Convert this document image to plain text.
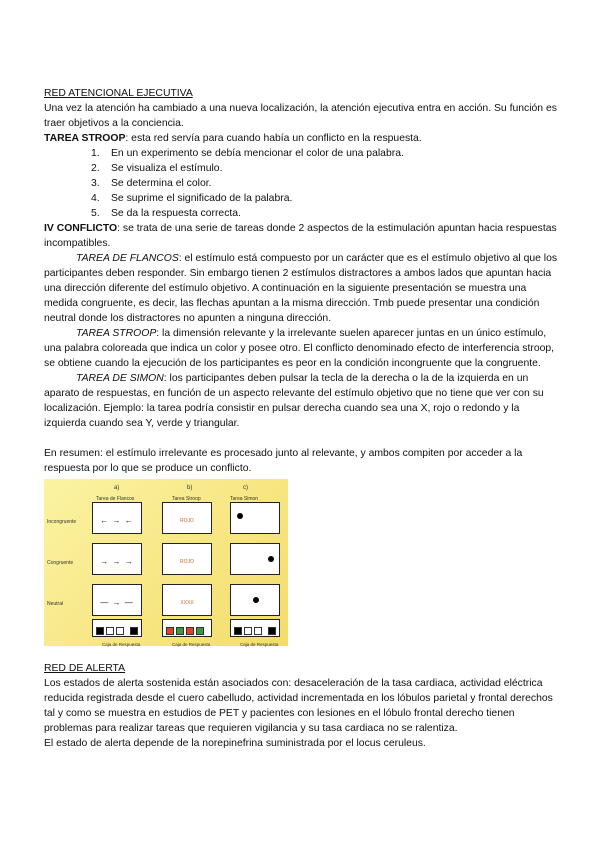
RED ATENCIONAL EJECUTIVA

Una vez la atención ha cambiado a una nueva localización, la atención ejecutiva entra en acción. Su función es traer objetivos a la conciencia.

TAREA STROOP: esta red servía para cuando había un conflicto en la respuesta.

1.	En un experimento se debía mencionar el color de una palabra.
2.	Se visualiza el estímulo.
3.	Se determina el color.
4.	Se suprime el significado de la palabra.
5.	Se da la respuesta correcta.

IV CONFLICTO: se trata de una serie de tareas donde 2 aspectos de la estimulación apuntan hacia respuestas incompatibles.

TAREA DE FLANCOS: el estímulo está compuesto por un carácter que es el estímulo objetivo al que los participantes deben responder. Sin embargo tienen 2 estímulos distractores a ambos lados que apuntan hacia una dirección diferente del estímulo objetivo. A continuación en la siguiente presentación se muestra una medida congruente, es decir, las flechas apuntan a la misma dirección. Tmb puede presentar una condición neutral donde los distractores no apunten a ninguna dirección.

TAREA STROOP: la dimensión relevante y la irrelevante suelen aparecer juntas en un único estímulo, una palabra coloreada que indica un color y posee otro. El conflicto denominado efecto de interferencia stroop, se obtiene cuando la ejecución de los participantes es peor en la condición incongruente que la congruente.

TAREA DE SIMON: los participantes deben pulsar la tecla de la derecha o la de la izquierda en un aparato de respuestas, en función de un aspecto relevante del estímulo objetivo que no tiene que ver con su localización. Ejemplo: la tarea podría consistir en pulsar derecha cuando sea una X, rojo o redondo y la izquierda cuando sea Y, verde y triangular.

En resumen: el estímulo irrelevante es procesado junto al relevante, y ambos compiten por acceder a la respuesta por lo que se produce un conflicto.

a)	b)	c)
Tarea de Flancos	Tarea Stroop	Tarea Simon
Incongruente
Congruente
Neutral
← → ←
→ → →
— → —
ROJO
ROJO
XXXX
Caja de Respuesta	Caja de Respuesta	Caja de Respuesta

RED DE ALERTA

Los estados de alerta sostenida están asociados con: desaceleración de la tasa cardiaca, actividad eléctrica reducida registrada desde el cuero cabelludo, actividad incrementada en los lóbulos parietal y frontal derechos tal y como se muestra en estudios de PET y pacientes con lesiones en el lóbulo frontal derecho tienen problemas para realizar tareas que requieren vigilancia y su tasa cardiaca no se ralentiza.

El estado de alerta depende de la norepinefrina suministrada por el locus ceruleus.
